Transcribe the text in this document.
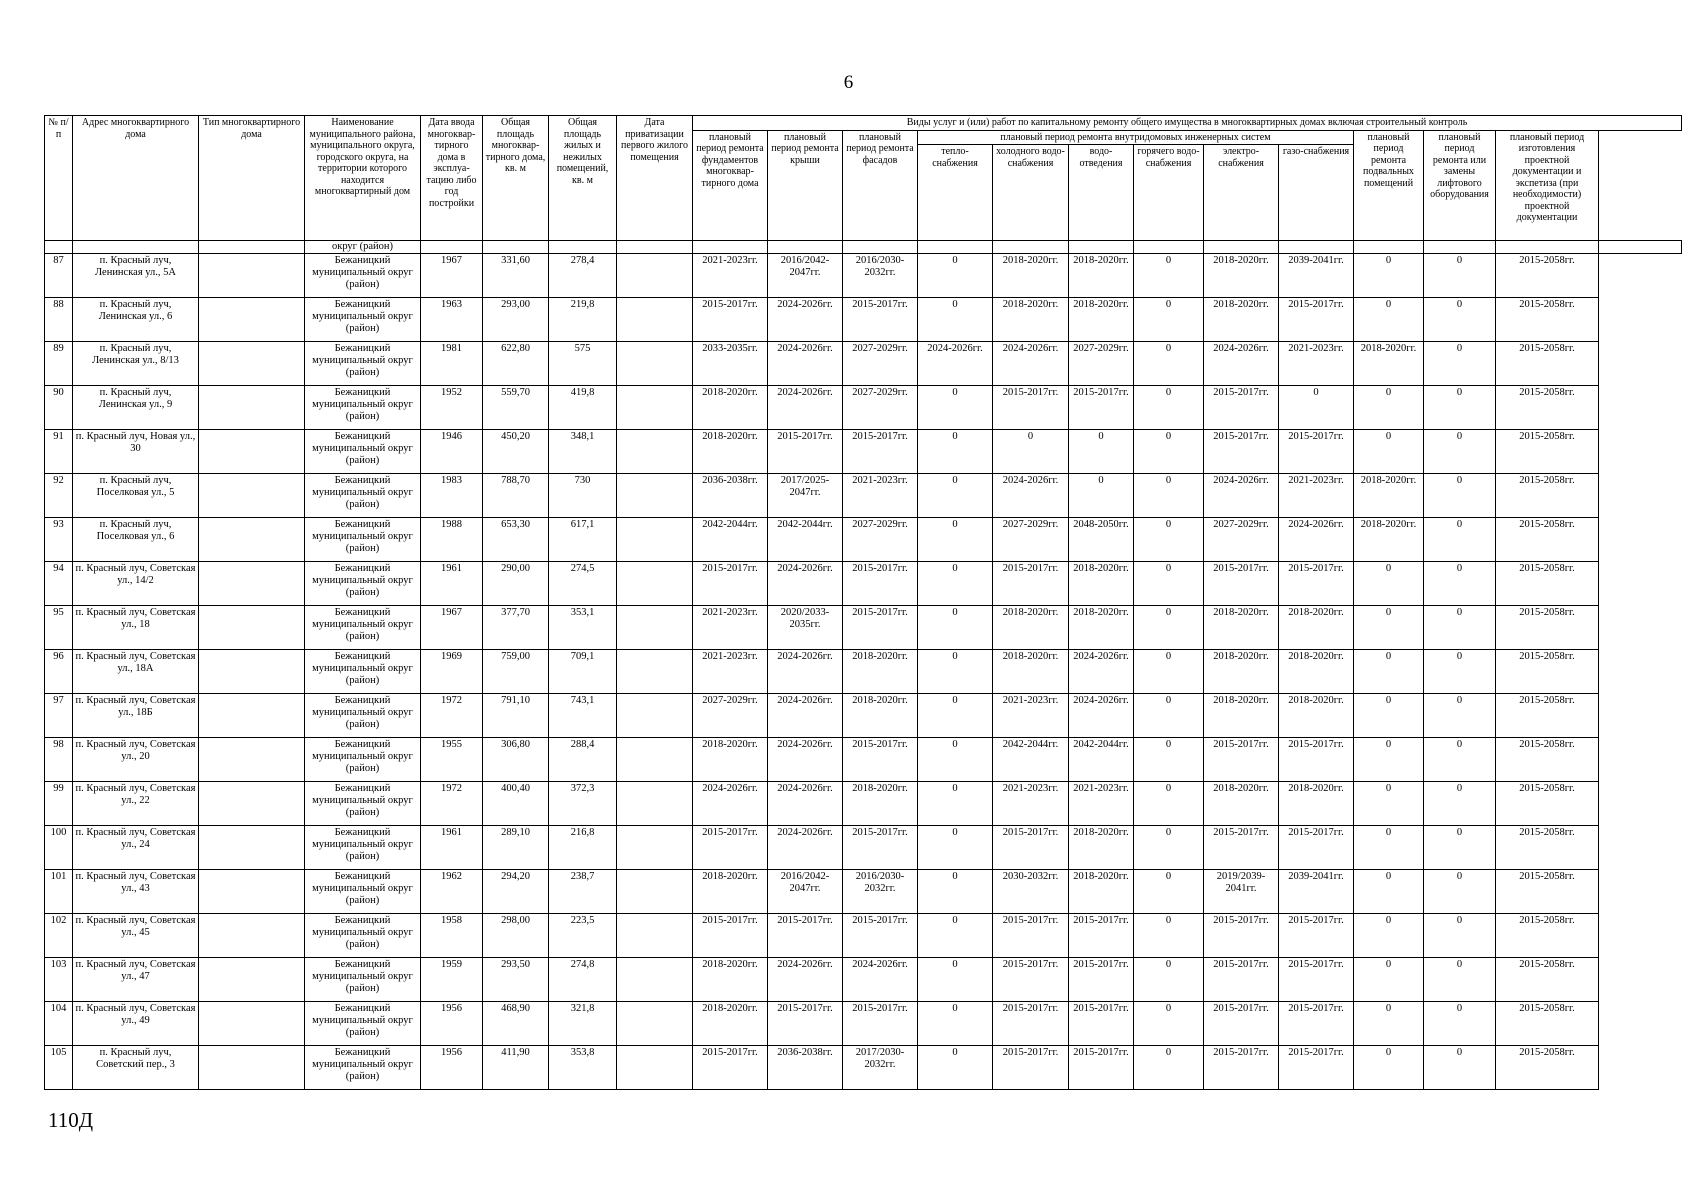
6
№ п/п	Адрес многоквартирного дома	Тип многоквартирного дома	Наименование муниципального района, муниципального округа, городского округа, на территории которого находится многоквартирный дом	Дата ввода многоквар-тирного дома в эксплуа-тацию либо год постройки	Общая площадь многоквар-тирного дома, кв. м	Общая площадь жилых и нежилых помещений, кв. м	Дата приватизации первого жилого помещения	Виды услуг и (или) работ по капитальному ремонту общего имущества в многоквартирных домах включая строительный контроль												
								плановый период ремонта фундаментов многоквар-тирного дома	плановый период ремонта крыши	плановый период ремонта фасадов	плановый период ремонта внутридомовых инженерных систем						плановый период ремонта подвальных помещений	плановый период ремонта или замены лифтового оборудования	плановый период изготовления проектной документации и экспетиза (при необходимости) проектной документации	
											тепло-снабжения	холодного водо-снабжения	водо-отведения	горячего водо-снабжения	электро-снабжения	газо-снабжения				
			округ (район)																	
87	п. Красный луч, Ленинская ул., 5А		Бежаницкий муниципальный округ (район)	1967	331,60	278,4		2021-2023гг.	2016/2042-2047гг.	2016/2030-2032гг.	0	2018-2020гг.	2018-2020гг.	0	2018-2020гг.	2039-2041гг.	0	0	2015-2058гг.	
88	п. Красный луч, Ленинская ул., 6		Бежаницкий муниципальный округ (район)	1963	293,00	219,8		2015-2017гг.	2024-2026гг.	2015-2017гг.	0	2018-2020гг.	2018-2020гг.	0	2018-2020гг.	2015-2017гг.	0	0	2015-2058гг.	
89	п. Красный луч, Ленинская ул., 8/13		Бежаницкий муниципальный округ (район)	1981	622,80	575		2033-2035гг.	2024-2026гг.	2027-2029гг.	2024-2026гг.	2024-2026гг.	2027-2029гг.	0	2024-2026гг.	2021-2023гг.	2018-2020гг.	0	2015-2058гг.	
90	п. Красный луч, Ленинская ул., 9		Бежаницкий муниципальный округ (район)	1952	559,70	419,8		2018-2020гг.	2024-2026гг.	2027-2029гг.	0	2015-2017гг.	2015-2017гг.	0	2015-2017гг.	0	0	0	2015-2058гг.	
91	п. Красный луч, Новая ул., 30		Бежаницкий муниципальный округ (район)	1946	450,20	348,1		2018-2020гг.	2015-2017гг.	2015-2017гг.	0	0	0	0	2015-2017гг.	2015-2017гг.	0	0	2015-2058гг.	
92	п. Красный луч, Поселковая ул., 5		Бежаницкий муниципальный округ (район)	1983	788,70	730		2036-2038гг.	2017/2025-2047гг.	2021-2023гг.	0	2024-2026гг.	0	0	2024-2026гг.	2021-2023гг.	2018-2020гг.	0	2015-2058гг.	
93	п. Красный луч, Поселковая ул., 6		Бежаницкий муниципальный округ (район)	1988	653,30	617,1		2042-2044гг.	2042-2044гг.	2027-2029гг.	0	2027-2029гг.	2048-2050гг.	0	2027-2029гг.	2024-2026гг.	2018-2020гг.	0	2015-2058гг.	
94	п. Красный луч, Советская ул., 14/2		Бежаницкий муниципальный округ (район)	1961	290,00	274,5		2015-2017гг.	2024-2026гг.	2015-2017гг.	0	2015-2017гг.	2018-2020гг.	0	2015-2017гг.	2015-2017гг.	0	0	2015-2058гг.	
95	п. Красный луч, Советская ул., 18		Бежаницкий муниципальный округ (район)	1967	377,70	353,1		2021-2023гг.	2020/2033-2035гг.	2015-2017гг.	0	2018-2020гг.	2018-2020гг.	0	2018-2020гг.	2018-2020гг.	0	0	2015-2058гг.	
96	п. Красный луч, Советская ул., 18А		Бежаницкий муниципальный округ (район)	1969	759,00	709,1		2021-2023гг.	2024-2026гг.	2018-2020гг.	0	2018-2020гг.	2024-2026гг.	0	2018-2020гг.	2018-2020гг.	0	0	2015-2058гг.	
97	п. Красный луч, Советская ул., 18Б		Бежаницкий муниципальный округ (район)	1972	791,10	743,1		2027-2029гг.	2024-2026гг.	2018-2020гг.	0	2021-2023гг.	2024-2026гг.	0	2018-2020гг.	2018-2020гг.	0	0	2015-2058гг.	
98	п. Красный луч, Советская ул., 20		Бежаницкий муниципальный округ (район)	1955	306,80	288,4		2018-2020гг.	2024-2026гг.	2015-2017гг.	0	2042-2044гг.	2042-2044гг.	0	2015-2017гг.	2015-2017гг.	0	0	2015-2058гг.	
99	п. Красный луч, Советская ул., 22		Бежаницкий муниципальный округ (район)	1972	400,40	372,3		2024-2026гг.	2024-2026гг.	2018-2020гг.	0	2021-2023гг.	2021-2023гг.	0	2018-2020гг.	2018-2020гг.	0	0	2015-2058гг.	
100	п. Красный луч, Советская ул., 24		Бежаницкий муниципальный округ (район)	1961	289,10	216,8		2015-2017гг.	2024-2026гг.	2015-2017гг.	0	2015-2017гг.	2018-2020гг.	0	2015-2017гг.	2015-2017гг.	0	0	2015-2058гг.	
101	п. Красный луч, Советская ул., 43		Бежаницкий муниципальный округ (район)	1962	294,20	238,7		2018-2020гг.	2016/2042-2047гг.	2016/2030-2032гг.	0	2030-2032гг.	2018-2020гг.	0	2019/2039-2041гг.	2039-2041гг.	0	0	2015-2058гг.	
102	п. Красный луч, Советская ул., 45		Бежаницкий муниципальный округ (район)	1958	298,00	223,5		2015-2017гг.	2015-2017гг.	2015-2017гг.	0	2015-2017гг.	2015-2017гг.	0	2015-2017гг.	2015-2017гг.	0	0	2015-2058гг.	
103	п. Красный луч, Советская ул., 47		Бежаницкий муниципальный округ (район)	1959	293,50	274,8		2018-2020гг.	2024-2026гг.	2024-2026гг.	0	2015-2017гг.	2015-2017гг.	0	2015-2017гг.	2015-2017гг.	0	0	2015-2058гг.	
104	п. Красный луч, Советская ул., 49		Бежаницкий муниципальный округ (район)	1956	468,90	321,8		2018-2020гг.	2015-2017гг.	2015-2017гг.	0	2015-2017гг.	2015-2017гг.	0	2015-2017гг.	2015-2017гг.	0	0	2015-2058гг.	
105	п. Красный луч, Советский пер., 3		Бежаницкий муниципальный округ (район)	1956	411,90	353,8		2015-2017гг.	2036-2038гг.	2017/2030-2032гг.	0	2015-2017гг.	2015-2017гг.	0	2015-2017гг.	2015-2017гг.	0	0	2015-2058гг.	
110Д
